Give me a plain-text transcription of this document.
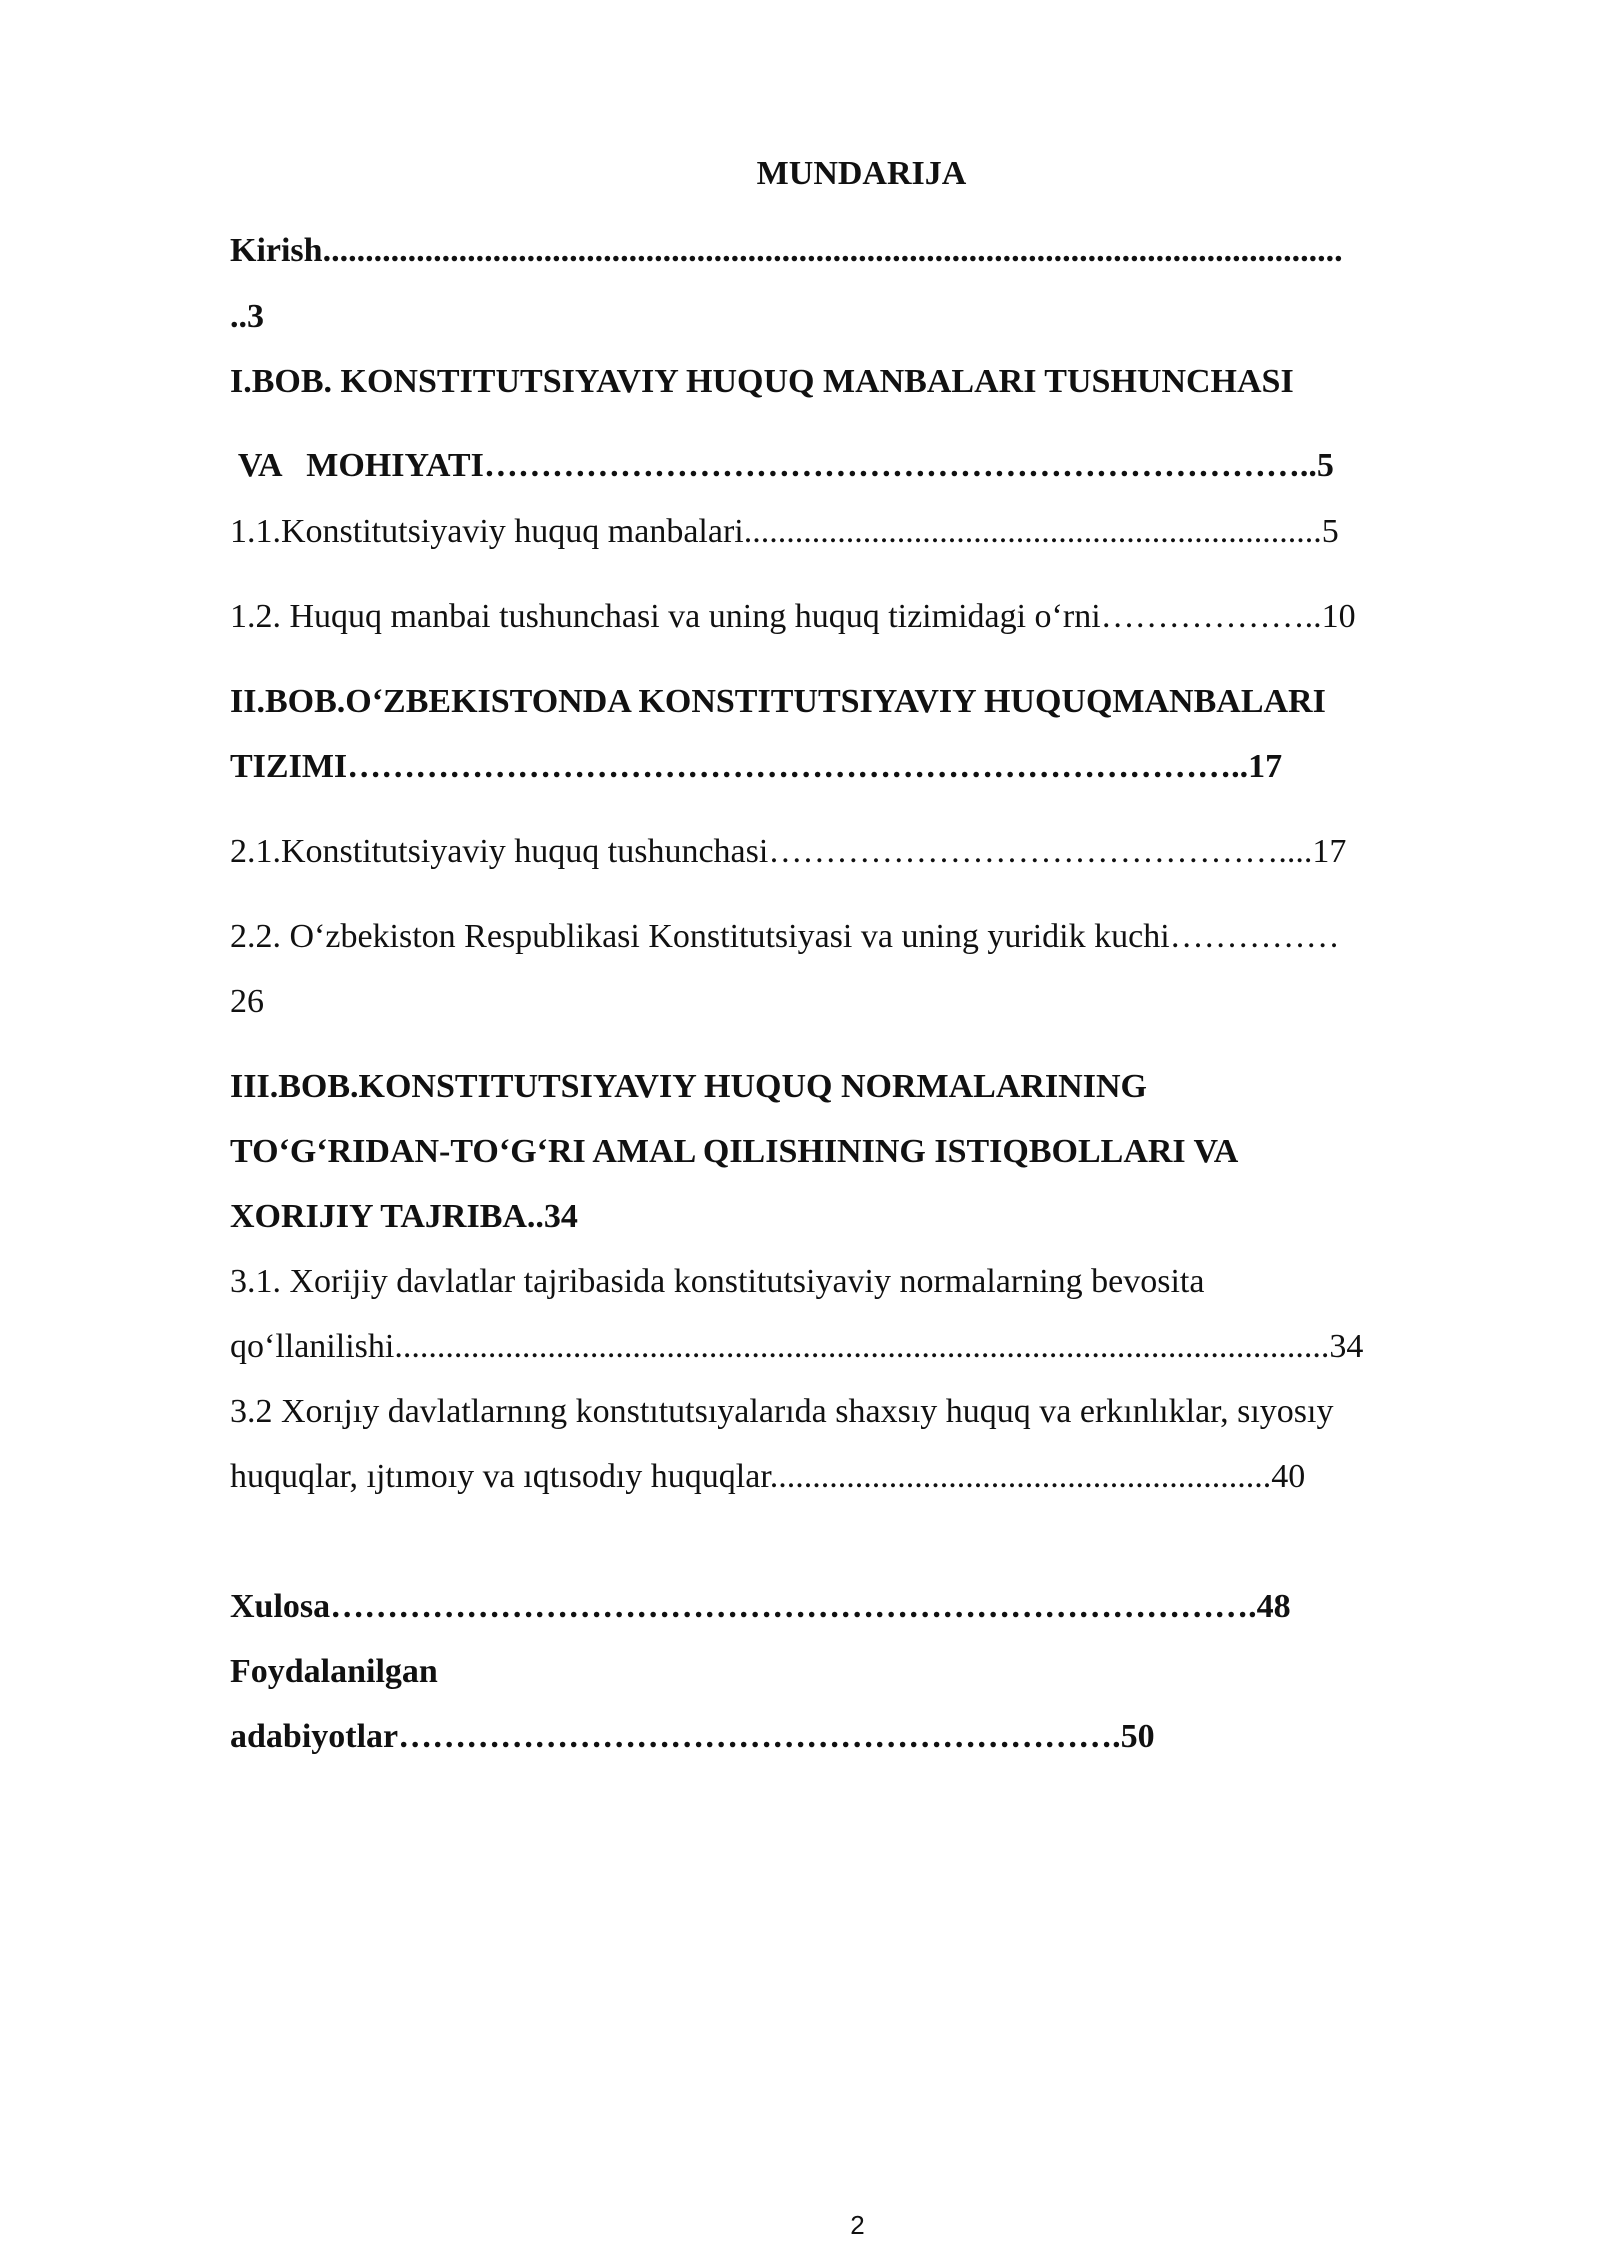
MUNDARIJA
Kirish........................................................................................................................
..3
I.BOB. KONSTITUTSIYAVIY HUQUQ MANBALARI TUSHUNCHASI
VA   MOHIYATI………………………………………………………………..5
1.1.Konstitutsiyaviy huquq manbalari....................................................................5
1.2. Huquq manbai tushunchasi va uning huquq tizimidagi o‘rni………………..10
II.BOB.O‘ZBEKISTONDA KONSTITUTSIYAVIY HUQUQMANBALARI
TIZIMI……………………………………………………………………..17
2.1.Konstitutsiyaviy huquq tushunchasi………………………………………....17
2.2. O‘zbekiston Respublikasi Konstitutsiyasi va uning yuridik kuchi……………
26
III.BOB.KONSTITUTSIYAVIY HUQUQ NORMALARINING
TO‘G‘RIDAN-TO‘G‘RI AMAL QILISHINING ISTIQBOLLARI VA
XORIJIY TAJRIBA..34
3.1. Xorijiy davlatlar tajribasida konstitutsiyaviy normalarning bevosita
qo‘llanilishi..............................................................................................................34
3.2 Xorıjıy davlatlarnıng konstıtutsıyalarıda shaxsıy huquq va erkınlıklar, sıyosıy
huquqlar, ıjtımoıy va ıqtısodıy huquqlar...........................................................40
Xulosa……………………………………………………………………….48
Foydalanilgan
adabiyotlar……………………………………………………….50
2
